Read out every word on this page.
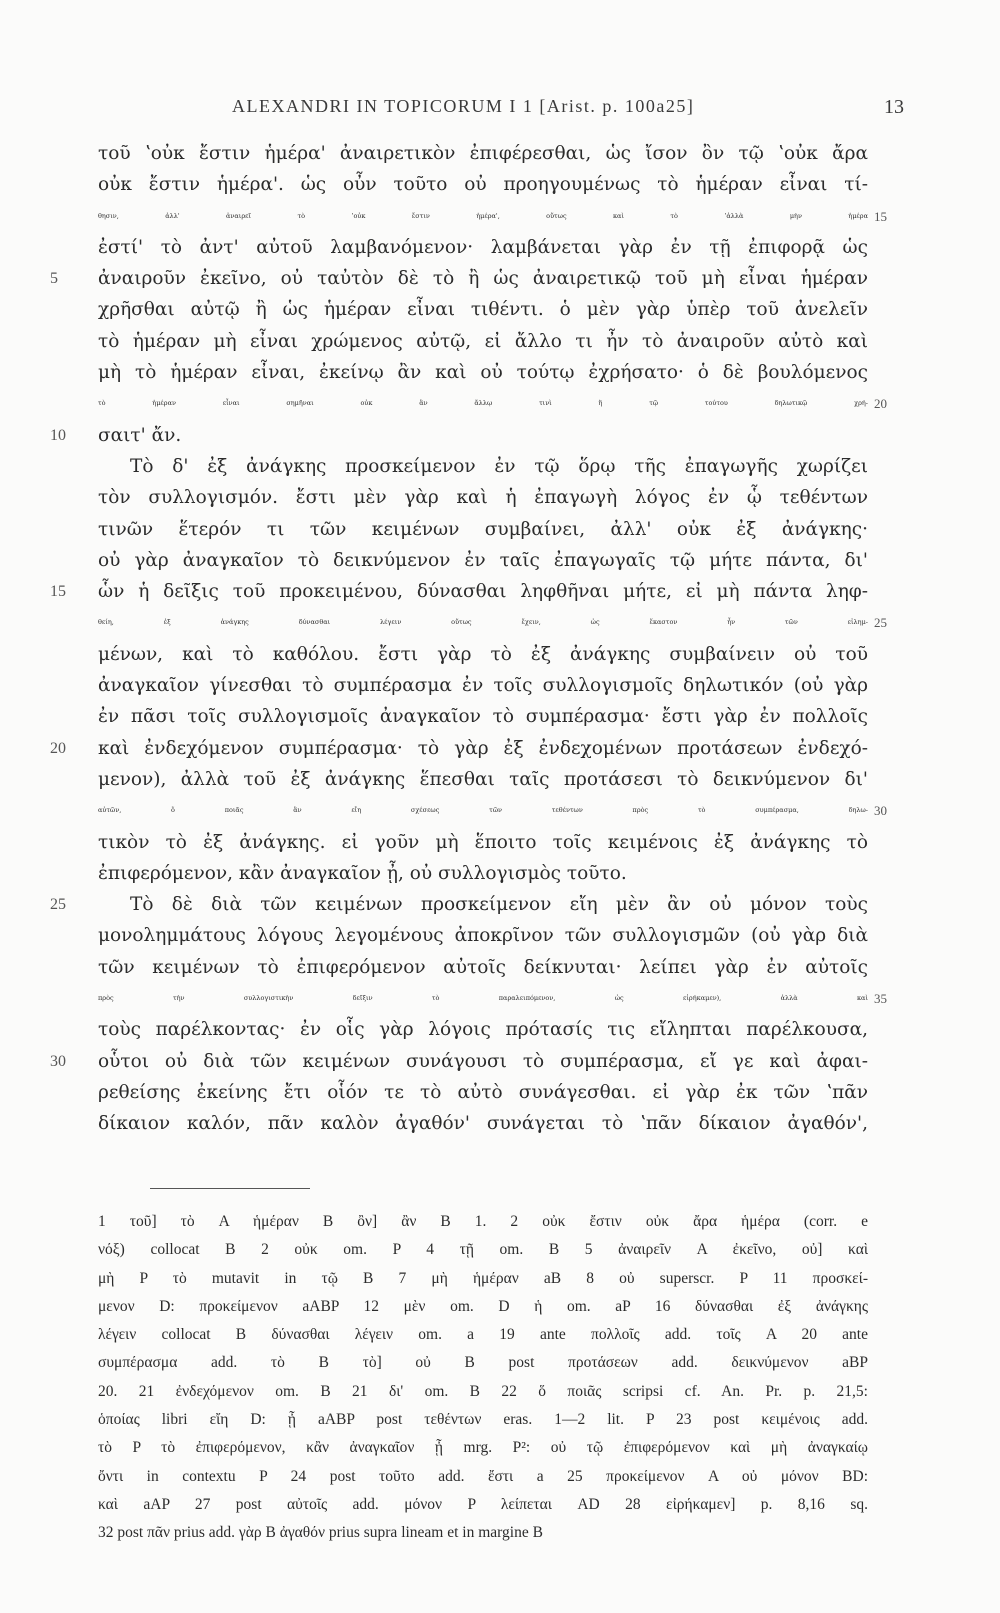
ALEXANDRI IN TOPICORUM I 1 [Arist. p. 100a25]	13
τοῦ ʽοὐκ ἔστιν ἡμέρα' ἀναιρετικὸν ἐπιφέρεσθαι, ὡς ἴσον ὂν τῷ ʽοὐκ ἄρα
οὐκ ἔστιν ἡμέρα'. ὡς οὖν τοῦτο οὐ προηγουμένως τὸ ἡμέραν εἶναι τί-
θησιν, ἀλλ' ἀναιρεῖ τὸ ʽοὐκ ἔστιν ἡμέρα', οὕτως καὶ τὸ ʽἀλλὰ μὴν ἡμέρα 15
ἐστί' τὸ ἀντ' αὐτοῦ λαμβανόμενον· λαμβάνεται γὰρ ἐν τῇ ἐπιφορᾷ ὡς
ἀναιροῦν ἐκεῖνο, οὐ ταὐτὸν δὲ τὸ ἢ ὡς ἀναιρετικῷ τοῦ μὴ εἶναι ἡμέραν
5
χρῆσθαι αὐτῷ ἢ ὡς ἡμέραν εἶναι τιθέντι. ὁ μὲν γὰρ ὑπὲρ τοῦ ἀνελεῖν
τὸ ἡμέραν μὴ εἶναι χρώμενος αὐτῷ, εἰ ἄλλο τι ἦν τὸ ἀναιροῦν αὐτὸ καὶ
μὴ τὸ ἡμέραν εἶναι, ἐκείνῳ ἂν καὶ οὐ τούτῳ ἐχρήσατο· ὁ δὲ βουλόμενος
τὸ ἡμέραν εἶναι σημῆναι οὐκ ἂν ἄλλῳ τινὶ ἢ τῷ τούτου δηλωτικῷ χρή- 20
σαιτ' ἄν.
10
Τὸ δ' ἐξ ἀνάγκης προσκείμενον ἐν τῷ ὅρῳ τῆς ἐπαγωγῆς χωρίζει
τὸν συλλογισμόν. ἔστι μὲν γὰρ καὶ ἡ ἐπαγωγὴ λόγος ἐν ᾧ τεθέντων
τινῶν ἕτερόν τι τῶν κειμένων συμβαίνει, ἀλλ' οὐκ ἐξ ἀνάγκης·
οὐ γὰρ ἀναγκαῖον τὸ δεικνύμενον ἐν ταῖς ἐπαγωγαῖς τῷ μήτε πάντα, δι'
ὧν ἡ δεῖξις τοῦ προκειμένου, δύνασθαι ληφθῆναι μήτε, εἰ μὴ πάντα ληφ-
15
θείη, ἐξ ἀνάγκης δύνασθαι λέγειν οὕτως ἔχειν, ὡς ἕκαστον ἦν τῶν εἰλημ- 25
μένων, καὶ τὸ καθόλου. ἔστι γὰρ τὸ ἐξ ἀνάγκης συμβαίνειν οὐ τοῦ
ἀναγκαῖον γίνεσθαι τὸ συμπέρασμα ἐν τοῖς συλλογισμοῖς δηλωτικόν (οὐ γὰρ
ἐν πᾶσι τοῖς συλλογισμοῖς ἀναγκαῖον τὸ συμπέρασμα· ἔστι γὰρ ἐν πολλοῖς
καὶ ἐνδεχόμενον συμπέρασμα· τὸ γὰρ ἐξ ἐνδεχομένων προτάσεων ἐνδεχό-
20
μενον), ἀλλὰ τοῦ ἐξ ἀνάγκης ἕπεσθαι ταῖς προτάσεσι τὸ δεικνύμενον δι'
αὐτῶν, ὅ ποιᾶς ἂν εἴη σχέσεως τῶν τεθέντων πρὸς τὸ συμπέρασμα, δηλω- 30
τικὸν τὸ ἐξ ἀνάγκης. εἰ γοῦν μὴ ἕποιτο τοῖς κειμένοις ἐξ ἀνάγκης τὸ
ἐπιφερόμενον, κἂν ἀναγκαῖον ᾖ, οὐ συλλογισμὸς τοῦτο.
Τὸ δὲ διὰ τῶν κειμένων προσκείμενον εἴη μὲν ἂν οὐ μόνον τοὺς
25
μονολημμάτους λόγους λεγομένους ἀποκρῖνον τῶν συλλογισμῶν (οὐ γὰρ διὰ
τῶν κειμένων τὸ ἐπιφερόμενον αὐτοῖς δείκνυται· λείπει γὰρ ἐν αὐτοῖς
πρὸς τὴν συλλογιστικὴν δεῖξιν τὸ παραλειπόμενον, ὡς εἰρήκαμεν), ἀλλὰ καὶ 35
τοὺς παρέλκοντας· ἐν οἷς γὰρ λόγοις πρότασίς τις εἴληπται παρέλκουσα,
οὗτοι οὐ διὰ τῶν κειμένων συνάγουσι τὸ συμπέρασμα, εἴ γε καὶ ἀφαι-
30
ρεθείσης ἐκείνης ἔτι οἷόν τε τὸ αὐτὸ συνάγεσθαι. εἰ γὰρ ἐκ τῶν ʽπᾶν
δίκαιον καλόν, πᾶν καλὸν ἀγαθόν' συνάγεται τὸ ʽπᾶν δίκαιον ἀγαθόν',
1 τοῦ] τὸ A ἡμέραν B ὂν] ἂν B 1. 2 οὐκ ἔστιν οὐκ ἄρα ἡμέρα (corr. e
νόξ) collocat B 2 οὐκ om. P 4 τῇ om. B 5 ἀναιρεῖν A ἐκεῖνο, οὐ] καὶ
μὴ P τὸ mutavit in τῷ B 7 μὴ ἡμέραν aB 8 οὐ superscr. P 11 προσκεί-
μενον D: προκείμενον aABP 12 μὲν om. D ἡ om. aP 16 δύνασθαι ἐξ ἀνάγκης
λέγειν collocat B δύνασθαι λέγειν om. a 19 ante πολλοῖς add. τοῖς A 20 ante
συμπέρασμα add. τὸ B τὸ] οὐ B post προτάσεων add. δεικνύμενον aBP
20. 21 ἐνδεχόμενον om. B 21 δι' om. B 22 ὅ ποιᾶς scripsi cf. An. Pr. p. 21,5:
ὁποίας libri εἴη D: ᾖ aABP post τεθέντων eras. 1—2 lit. P 23 post κειμένοις add.
τὸ P τὸ ἐπιφερόμενον, κἂν ἀναγκαῖον ᾖ mrg. P²: οὐ τῷ ἐπιφερόμενον καὶ μὴ ἀναγκαίῳ
ὄντι in contextu P 24 post τοῦτο add. ἔστι a 25 προκείμενον A οὐ μόνον BD:
καὶ aAP 27 post αὐτοῖς add. μόνον P λείπεται AD 28 εἰρήκαμεν] p. 8,16 sq.
32 post πᾶν prius add. γὰρ B ἀγαθόν prius supra lineam et in margine B
